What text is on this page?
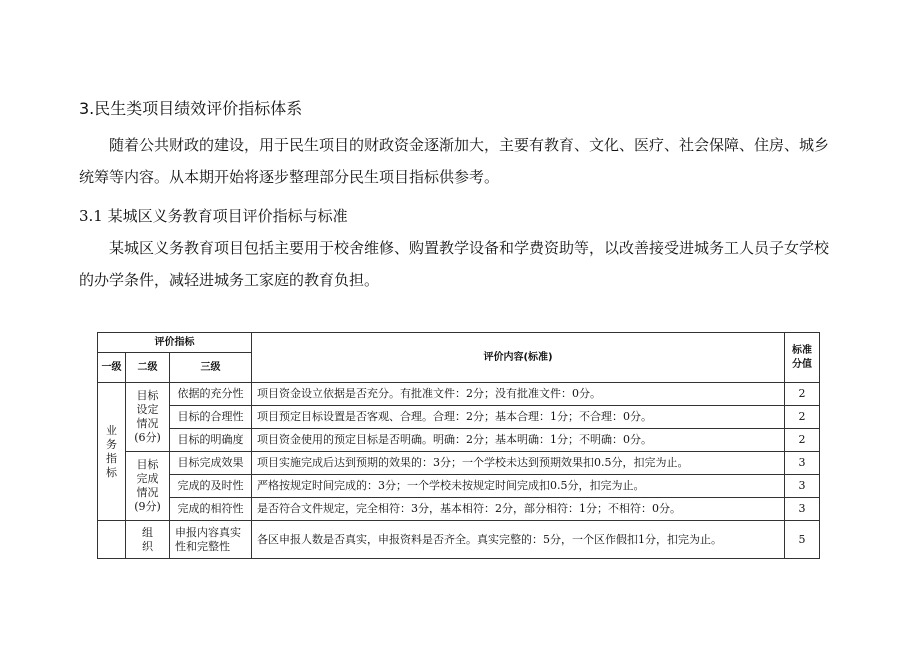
3.民生类项目绩效评价指标体系
随着公共财政的建设，用于民生项目的财政资金逐渐加大，主要有教育、文化、医疗、社会保障、住房、城乡
统筹等内容。从本期开始将逐步整理部分民生项目指标供参考。
3.1 某城区义务教育项目评价指标与标准
某城区义务教育项目包括主要用于校舍维修、购置教学设备和学费资助等，以改善接受进城务工人员子女学校
的办学条件，减轻进城务工家庭的教育负担。
评价指标			评价内容(标准)	标准分值
一级	二级	三级		
业务指标	目标设定情况(6分)	依据的充分性	项目资金设立依据是否充分。有批准文件：2分；没有批准文件：0分。	2
		目标的合理性	项目预定目标设置是否客观、合理。合理：2分；基本合理：1分；不合理：0分。	2
		目标的明确度	项目资金使用的预定目标是否明确。明确：2分；基本明确：1分；不明确：0分。	2
	目标完成情况(9分)	目标完成效果	项目实施完成后达到预期的效果的：3分；一个学校未达到预期效果扣0.5分，扣完为止。	3
		完成的及时性	严格按规定时间完成的：3分；一个学校未按规定时间完成扣0.5分，扣完为止。	3
		完成的相符性	是否符合文件规定，完全相符：3分，基本相符：2分，部分相符：1分；不相符：0分。	3
	组织	申报内容真实性和完整性	各区申报人数是否真实，申报资料是否齐全。真实完整的：5分，一个区作假扣1分，扣完为止。	5
